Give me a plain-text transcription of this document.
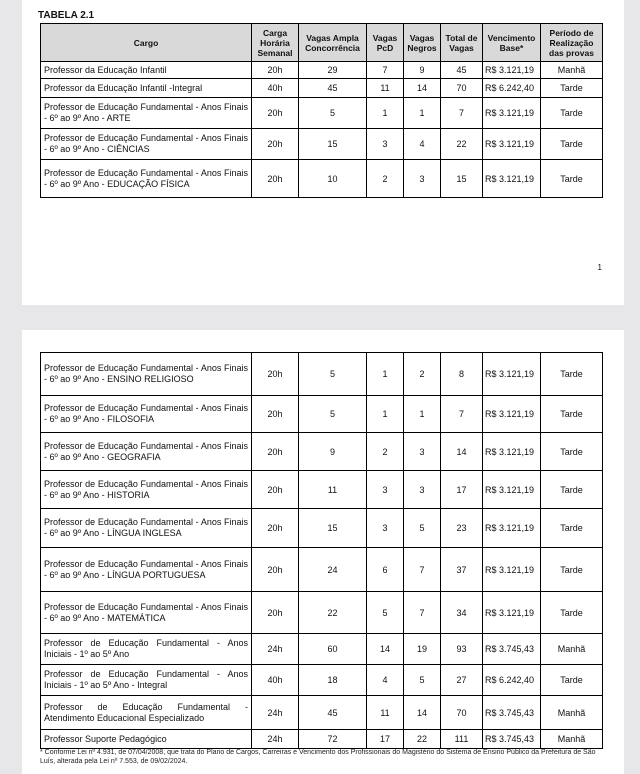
TABELA 2.1
Cargo	Carga Horária Semanal	Vagas Ampla Concorrência	Vagas PcD	Vagas Negros	Total de Vagas	Vencimento Base*	Período de Realização das provas
Professor da Educação Infantil	20h	29	7	9	45	R$ 3.121,19	Manhã
Professor da Educação Infantil -Integral	40h	45	11	14	70	R$ 6.242,40	Tarde
Professor de Educação Fundamental - Anos Finais - 6º ao 9º Ano - ARTE	20h	5	1	1	7	R$ 3.121,19	Tarde
Professor de Educação Fundamental - Anos Finais - 6º ao 9º Ano - CIÊNCIAS	20h	15	3	4	22	R$ 3.121,19	Tarde
Professor de Educação Fundamental - Anos Finais - 6º ao 9º Ano - EDUCAÇÃO FÍSICA	20h	10	2	3	15	R$ 3.121,19	Tarde
1
Professor de Educação Fundamental - Anos Finais - 6º ao 9º Ano - ENSINO RELIGIOSO	20h	5	1	2	8	R$ 3.121,19	Tarde
Professor de Educação Fundamental - Anos Finais - 6º ao 9º Ano - FILOSOFIA	20h	5	1	1	7	R$ 3.121,19	Tarde
Professor de Educação Fundamental - Anos Finais - 6º ao 9º Ano - GEOGRAFIA	20h	9	2	3	14	R$ 3.121,19	Tarde
Professor de Educação Fundamental - Anos Finais - 6º ao 9º Ano - HISTORIA	20h	11	3	3	17	R$ 3.121,19	Tarde
Professor de Educação Fundamental - Anos Finais - 6º ao 9º Ano - LÍNGUA INGLESA	20h	15	3	5	23	R$ 3.121,19	Tarde
Professor de Educação Fundamental - Anos Finais - 6º ao 9º Ano - LÍNGUA PORTUGUESA	20h	24	6	7	37	R$ 3.121,19	Tarde
Professor de Educação Fundamental - Anos Finais - 6º ao 9º Ano - MATEMÁTICA	20h	22	5	7	34	R$ 3.121,19	Tarde
Professor de Educação Fundamental - Anos Iniciais - 1º ao 5º Ano	24h	60	14	19	93	R$ 3.745,43	Manhã
Professor de Educação Fundamental - Anos Iniciais - 1º ao 5º Ano - Integral	40h	18	4	5	27	R$ 6.242,40	Tarde
Professor de Educação Fundamental - Atendimento Educacional Especializado	24h	45	11	14	70	R$ 3.745,43	Manhã
Professor Suporte Pedagógico	24h	72	17	22	111	R$ 3.745,43	Manhã
* Conforme Lei nº 4.931, de 07/04/2008, que trata do Plano de Cargos, Carreiras e Vencimento dos Profissionais do Magistério do Sistema de Ensino Público da Prefeitura de São Luís, alterada pela Lei nº 7.553, de 09/02/2024.
